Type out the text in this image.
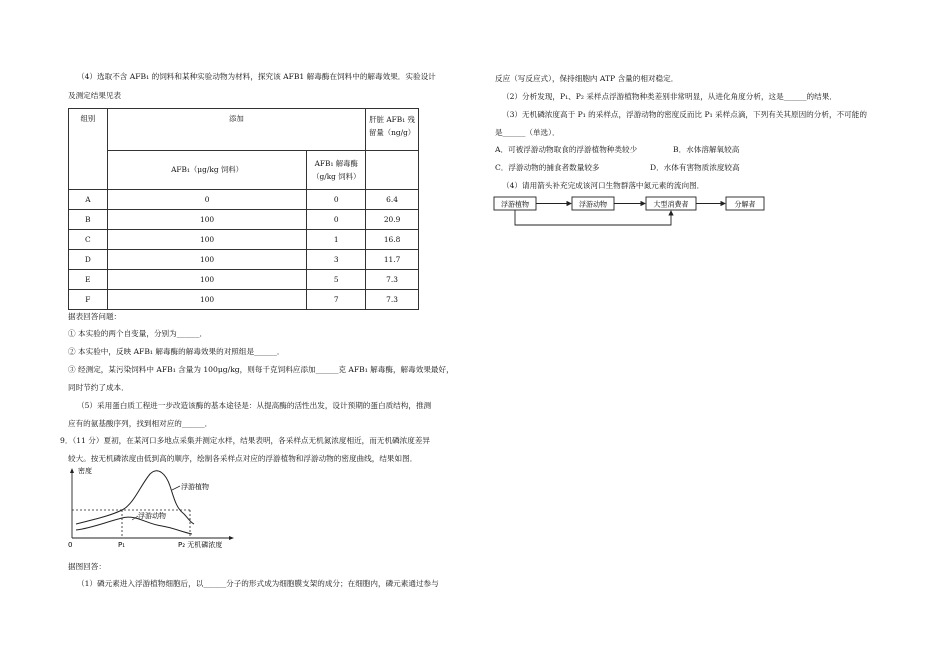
（4）选取不含 AFB₁ 的饲料和某种实验动物为材料，探究该 AFB1 解毒酶在饲料中的解毒效果．实验设计
及测定结果见表
组别	添加		肝脏 AFB₁ 残
留量（ng/g）
	AFB₁（μg/kg 饲料）	AFB₁ 解毒酶
（g/kg 饲料）	
A	0	0	6.4
B	100	0	20.9
C	100	1	16.8
D	100	3	11.7
E	100	5	7.3
F	100	7	7.3
据表回答问题：
① 本实验的两个自变量，分别为______．
② 本实验中，反映 AFB₁ 解毒酶的解毒效果的对照组是______．
③ 经测定，某污染饲料中 AFB₁ 含量为 100μg/kg，则每千克饲料应添加______克 AFB₁ 解毒酶，解毒效果最好，
同时节约了成本．
（5）采用蛋白质工程进一步改造该酶的基本途径是：从提高酶的活性出发，设计预期的蛋白质结构，推测
应有的氨基酸序列，找到相对应的______．
9．（11 分）夏初，在某河口多地点采集并测定水样，结果表明，各采样点无机氮浓度相近，而无机磷浓度差异
较大。按无机磷浓度由低到高的顺序，绘制各采样点对应的浮游植物和浮游动物的密度曲线，结果如图．
密度
0	P₁	P₂ 无机磷浓度
浮游植物
浮游动物
据图回答：
（1）磷元素进入浮游植物细胞后，以______分子的形式成为细胞膜支架的成分；在细胞内，磷元素通过参与
反应（写反应式），保持细胞内 ATP 含量的相对稳定．
（2）分析发现，P₁、P₂ 采样点浮游植物种类差别非常明显，从进化角度分析，这是______的结果．
（3）无机磷浓度高于 P₁ 的采样点，浮游动物的密度反而比 P₁ 采样点滴，下列有关其原因的分析，不可能的
是______（单选）．
A．可被浮游动物取食的浮游植物种类较少	B．水体溶解氧较高
C．浮游动物的捕食者数量较多	D．水体有害物质浓度较高
（4）请用箭头补充完成该河口生物群落中氮元素的流向图．
浮游植物	浮游动物	大型消费者	分解者
